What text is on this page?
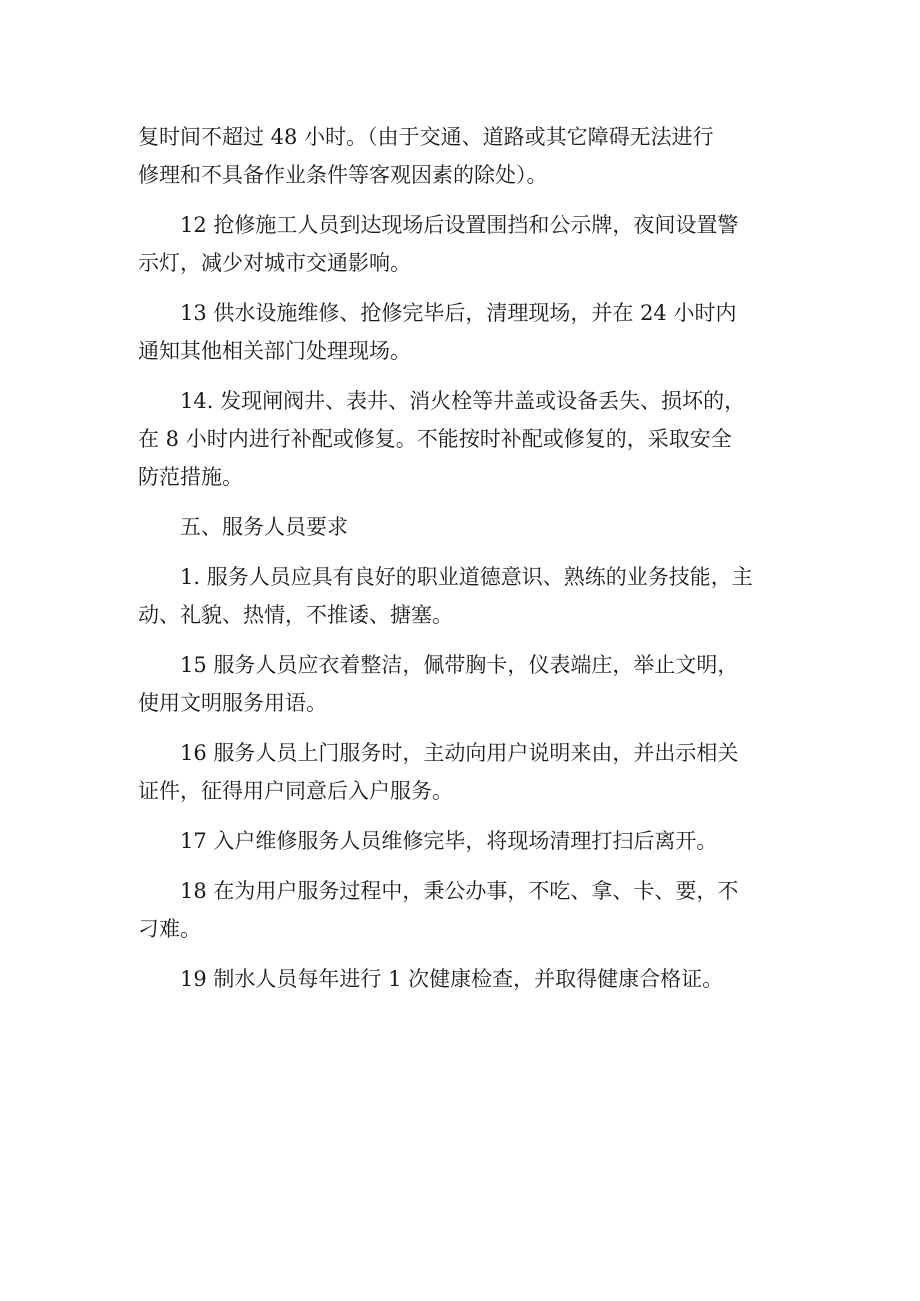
复时间不超过 48 小时。（由于交通、道路或其它障碍无法进行
修理和不具备作业条件等客观因素的除处）。

12 抢修施工人员到达现场后设置围挡和公示牌，夜间设置警
示灯，减少对城市交通影响。

13 供水设施维修、抢修完毕后，清理现场，并在 24 小时内
通知其他相关部门处理现场。

14. 发现闸阀井、表井、消火栓等井盖或设备丢失、损坏的，
在 8 小时内进行补配或修复。不能按时补配或修复的，采取安全
防范措施。

五、服务人员要求

1. 服务人员应具有良好的职业道德意识、熟练的业务技能，主
动、礼貌、热情，不推诿、搪塞。

15 服务人员应衣着整洁，佩带胸卡，仪表端庄，举止文明，
使用文明服务用语。

16 服务人员上门服务时，主动向用户说明来由，并出示相关
证件，征得用户同意后入户服务。

17 入户维修服务人员维修完毕，将现场清理打扫后离开。

18 在为用户服务过程中，秉公办事，不吃、拿、卡、要，不
刁难。

19 制水人员每年进行 1 次健康检查，并取得健康合格证。
